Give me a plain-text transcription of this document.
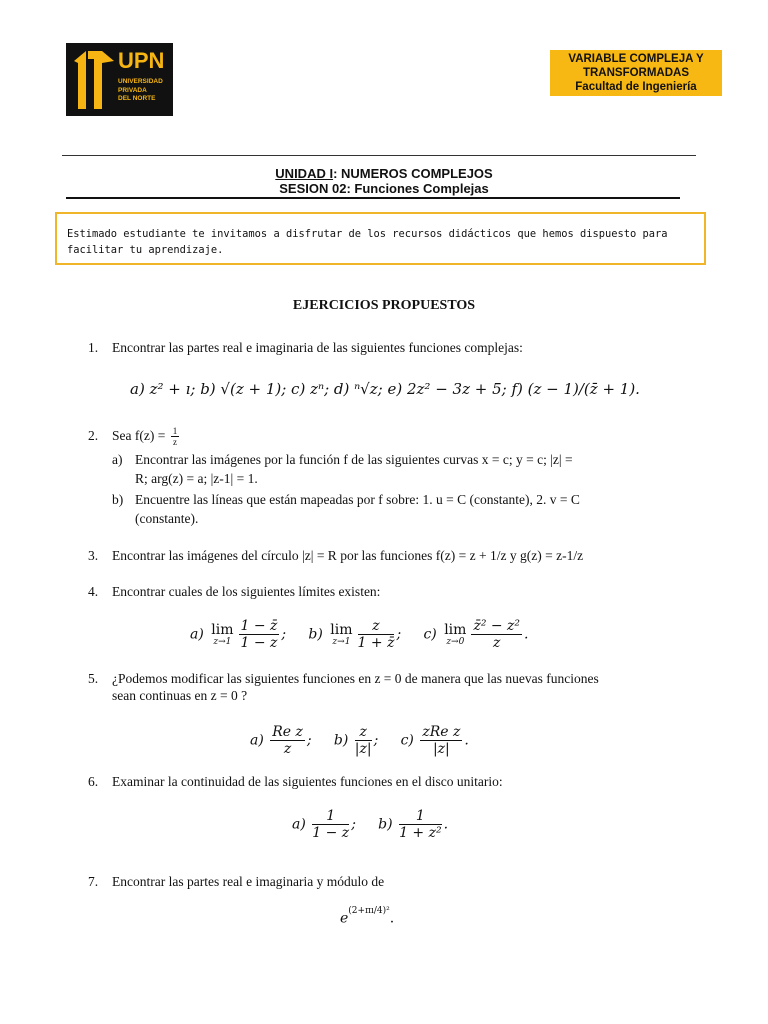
UPN
UNIVERSIDAD
PRIVADA
DEL NORTE
VARIABLE COMPLEJA Y
TRANSFORMADAS
Facultad de Ingeniería
UNIDAD I: NUMEROS COMPLEJOS
SESION 02: Funciones Complejas
Estimado estudiante te invitamos a disfrutar de los recursos didácticos que hemos dispuesto para facilitar tu aprendizaje.
EJERCICIOS PROPUESTOS
1. Encontrar las partes real e imaginaria de las siguientes funciones complejas:
a) z² + ı; b) √(z + 1); c) zⁿ; d) ⁿ√z; e) 2z² − 3z + 5; f) (z − 1)/(z̄ + 1).
2. Sea $f(z) = \frac{1}{z}$
a) Encontrar las imágenes por la función f de las siguientes curvas x = c; y = c; |z| =
R; arg(z) = a; |z-1| = 1.
b) Encuentre las líneas que están mapeadas por f sobre: 1. u = C (constante), 2. v = C
(constante).
3. Encontrar las imágenes del círculo |z| = R por las funciones f(z) = z + 1/z y g(z) = z-1/z
4. Encontrar cuales de los siguientes límites existen:
a) lim
$z\to 1 \frac{1 - z̄}{1 - z}$ ; b) lim
$z\to 1 \frac{z}{1 + z̄}$ ; c) lim
$z\to 0 \frac{\text{z̄² − z²}}{z}$ .
5. ¿Podemos modificar las siguientes funciones en z = 0 de manera que las nuevas funciones
sean continuas en z = 0 ?
$a) \frac{\text{Re z}}{z}$ ; $b) \frac{z}{|z|}$ ; $c) \frac{\text{zRe z}}{|z|}$ .
6. Examinar la continuidad de las siguientes funciones en el disco unitario:
$a) \frac{1}{1 - z}$ ; $b) \frac{1}{\text{1 + z²}}$ .
7. Encontrar las partes real e imaginaria y módulo de
$e^{(2+\pi ı/4)^2}$.
